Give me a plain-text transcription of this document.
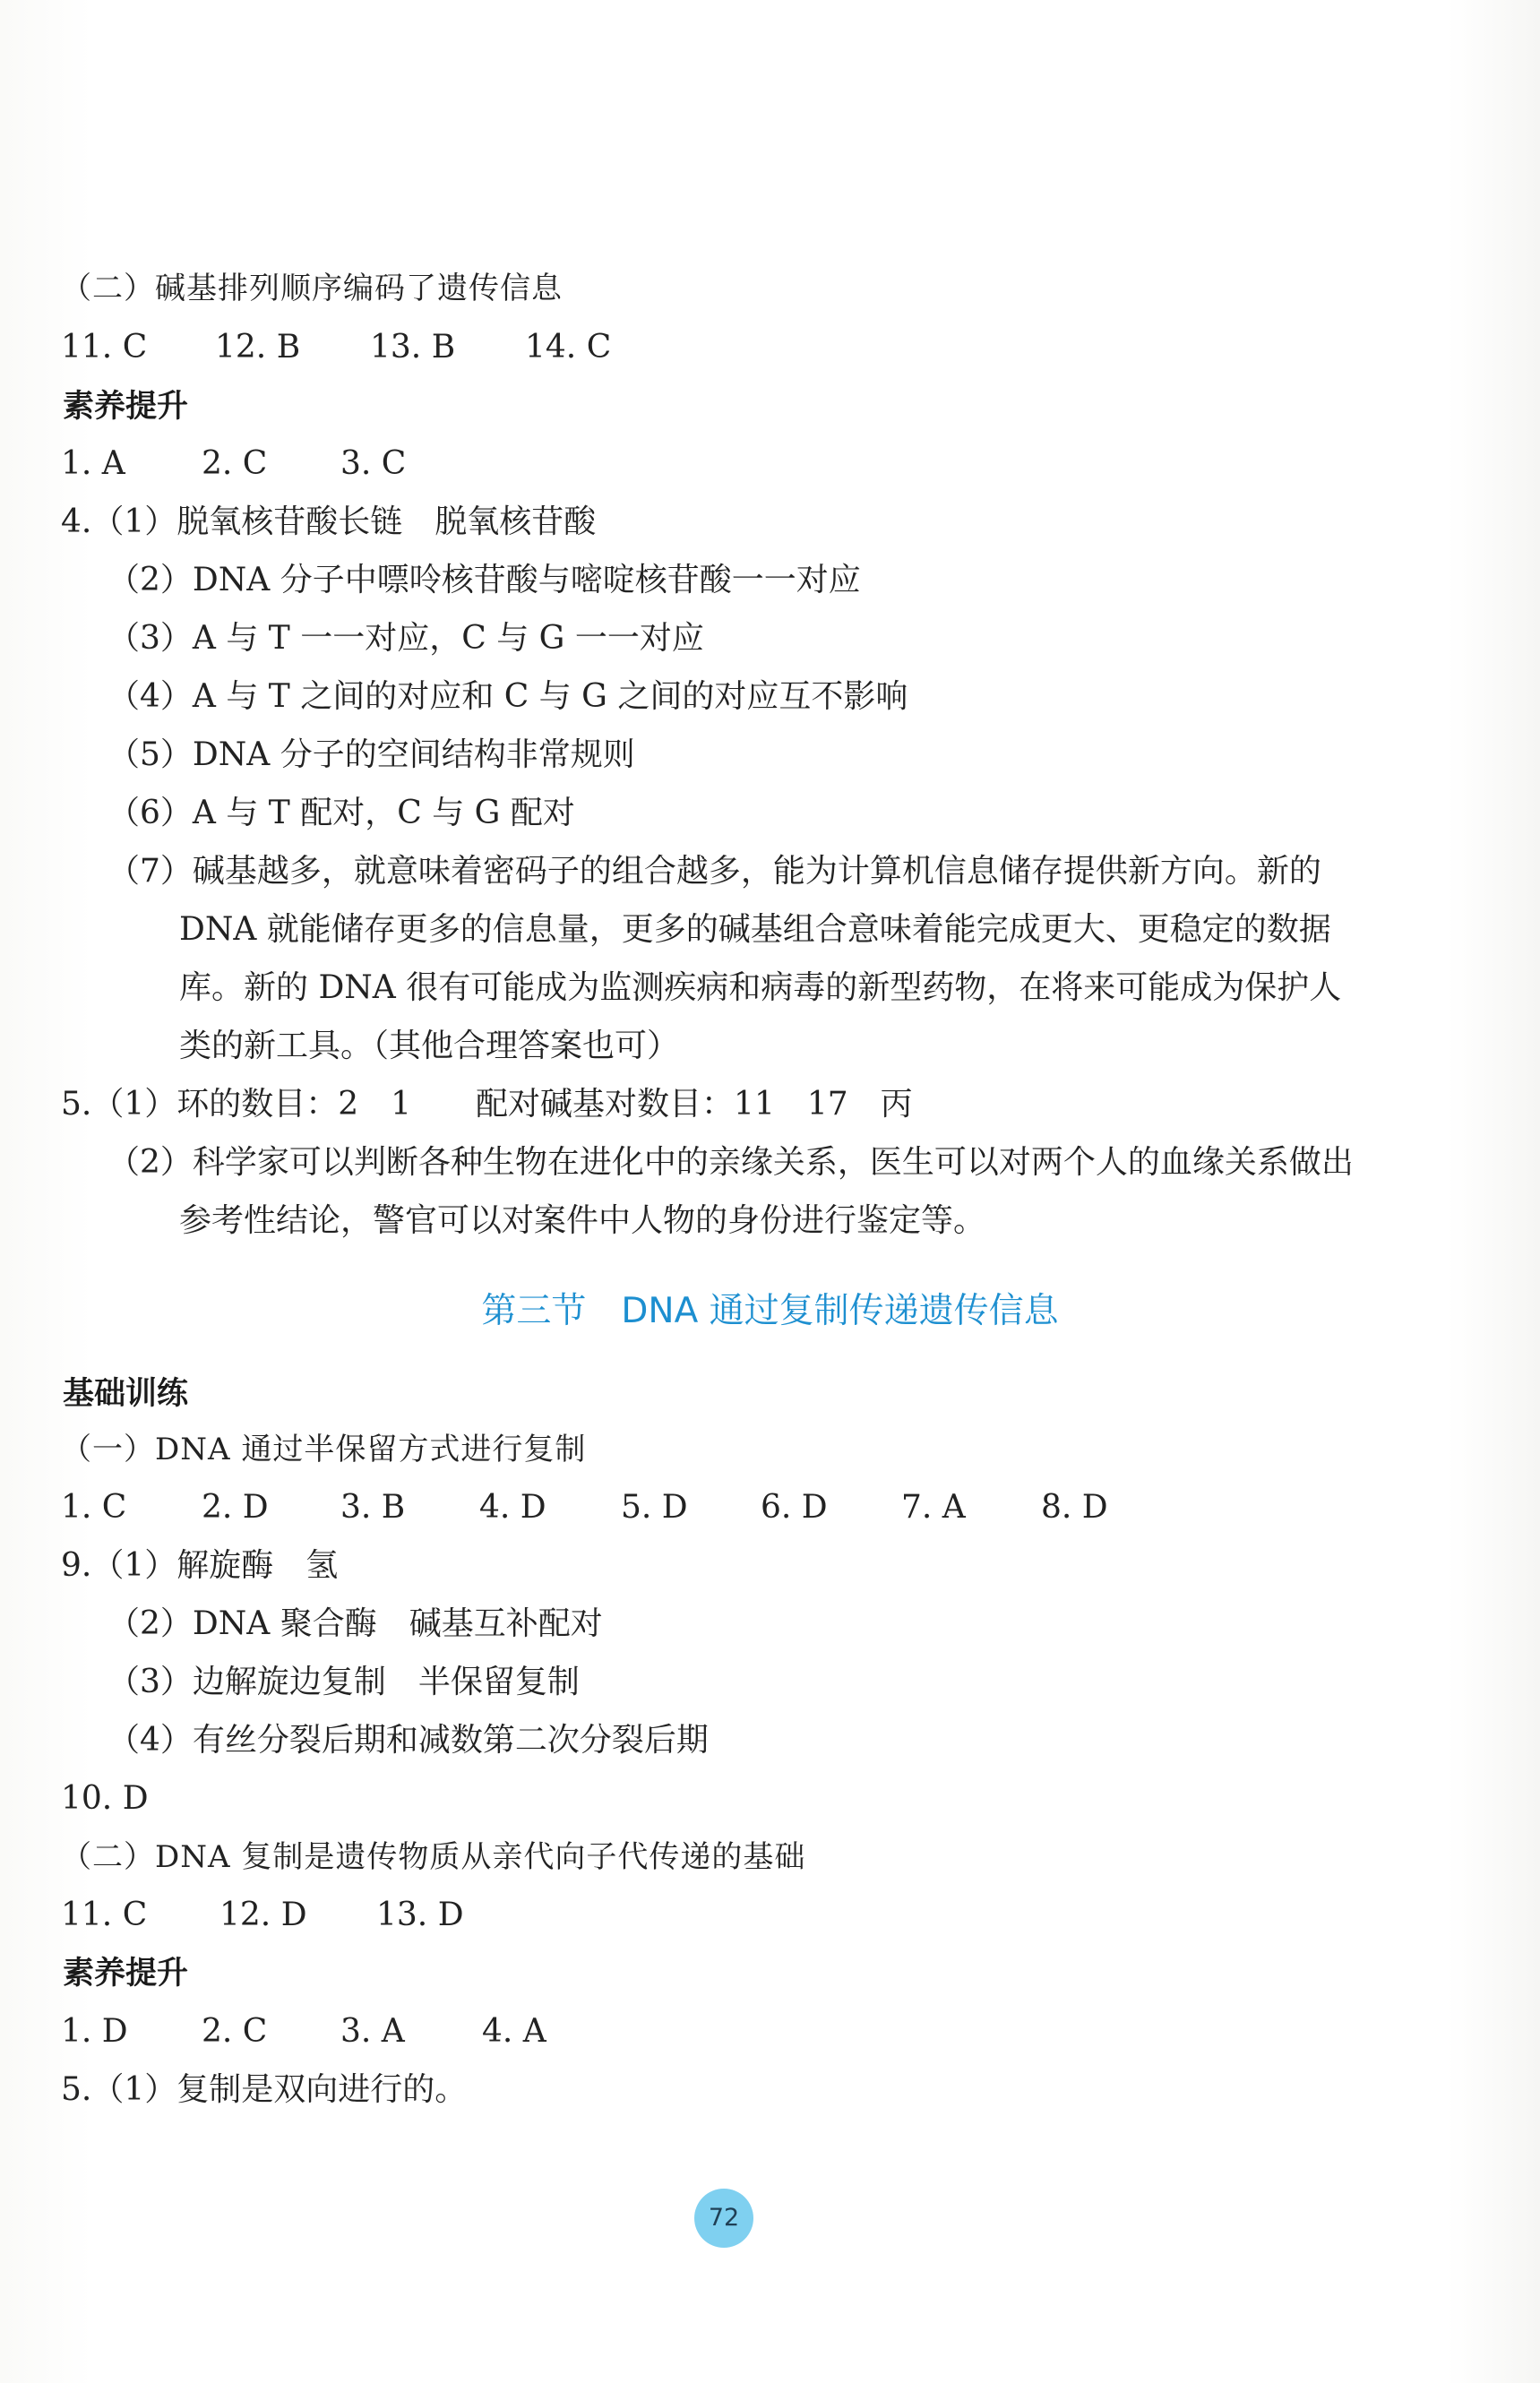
（二）碱基排列顺序编码了遗传信息
11. C 12. B 13. B 14. C
素养提升
1. A 2. C 3. C
4.（1）脱氧核苷酸长链　脱氧核苷酸
（2）DNA 分子中嘌呤核苷酸与嘧啶核苷酸一一对应
（3）A 与 T 一一对应，C 与 G 一一对应
（4）A 与 T 之间的对应和 C 与 G 之间的对应互不影响
（5）DNA 分子的空间结构非常规则
（6）A 与 T 配对，C 与 G 配对
（7）碱基越多，就意味着密码子的组合越多，能为计算机信息储存提供新方向。新的
DNA 就能储存更多的信息量，更多的碱基组合意味着能完成更大、更稳定的数据
库。新的 DNA 很有可能成为监测疾病和病毒的新型药物，在将来可能成为保护人
类的新工具。（其他合理答案也可）
5.（1）环的数目：2　1　　配对碱基对数目：11　17　丙
（2）科学家可以判断各种生物在进化中的亲缘关系，医生可以对两个人的血缘关系做出
参考性结论，警官可以对案件中人物的身份进行鉴定等。
第三节　DNA 通过复制传递遗传信息
基础训练
（一）DNA 通过半保留方式进行复制
1. C 2. D 3. B 4. D 5. D 6. D 7. A 8. D
9.（1）解旋酶　氢
（2）DNA 聚合酶　碱基互补配对
（3）边解旋边复制　半保留复制
（4）有丝分裂后期和减数第二次分裂后期
10. D
（二）DNA 复制是遗传物质从亲代向子代传递的基础
11. C 12. D 13. D
素养提升
1. D 2. C 3. A 4. A
5.（1）复制是双向进行的。
72
